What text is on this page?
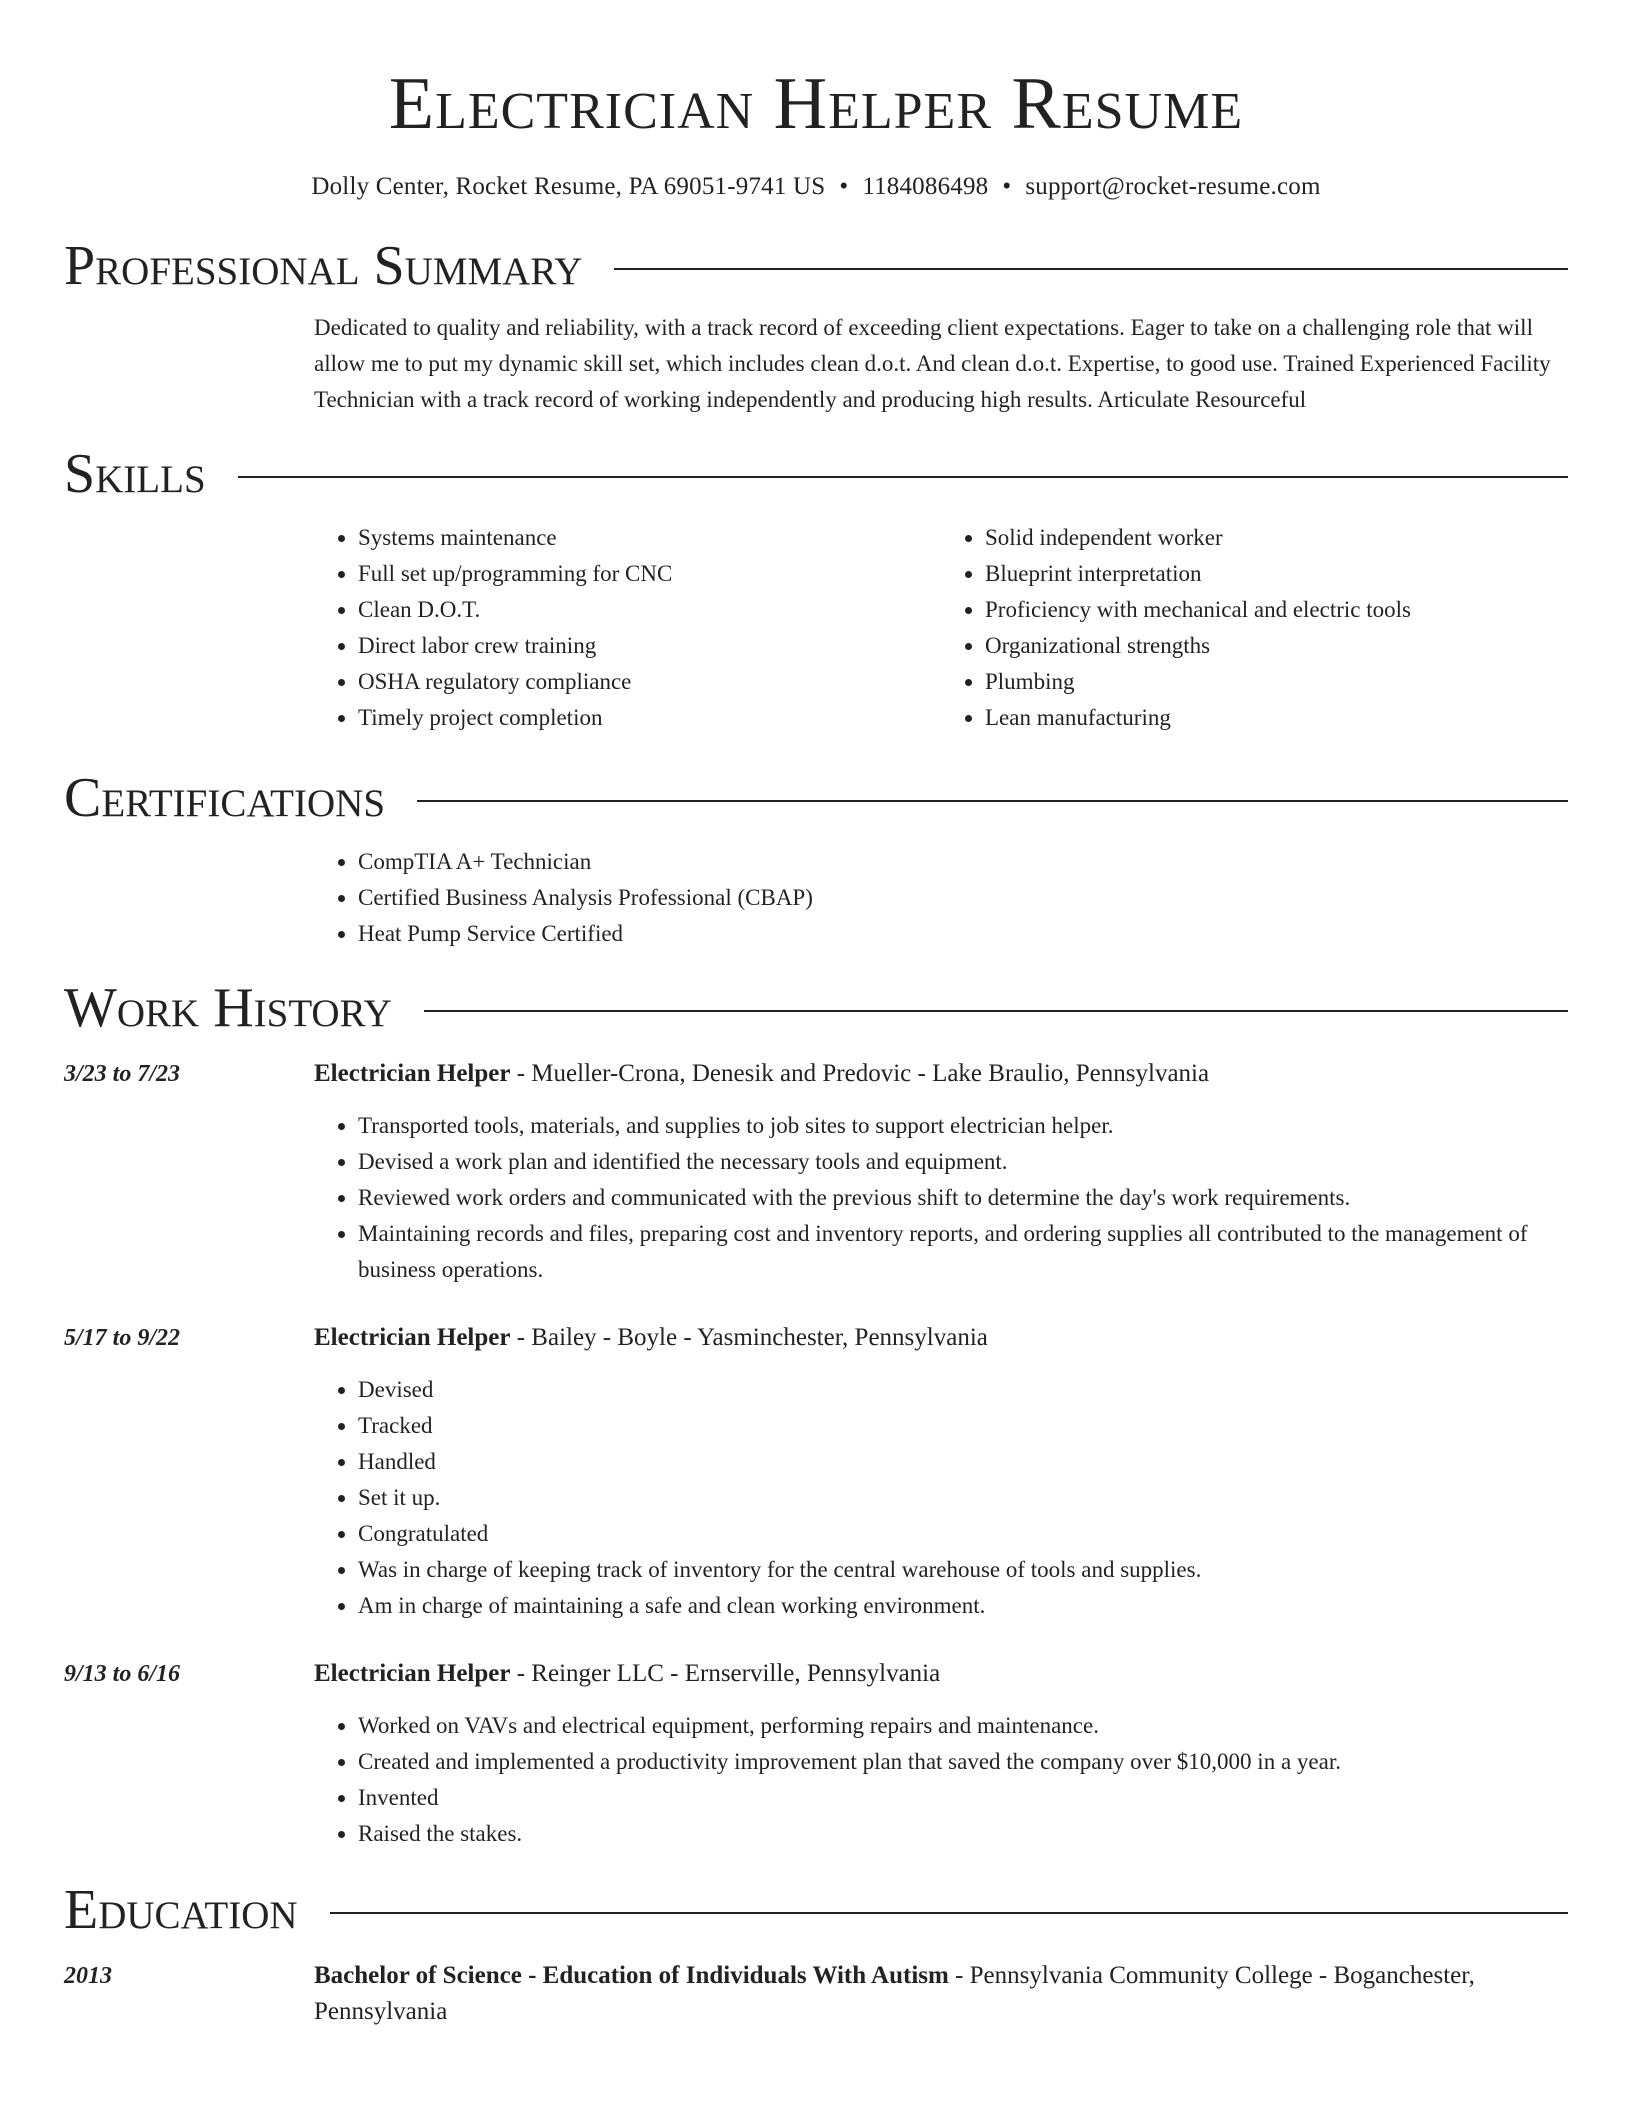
Electrician Helper Resume
Dolly Center, Rocket Resume, PA 69051-9741 US • 1184086498 • support@rocket-resume.com
Professional Summary
Dedicated to quality and reliability, with a track record of exceeding client expectations. Eager to take on a challenging role that will allow me to put my dynamic skill set, which includes clean d.o.t. And clean d.o.t. Expertise, to good use. Trained Experienced Facility Technician with a track record of working independently and producing high results. Articulate Resourceful
Skills
• Systems maintenance
• Full set up/programming for CNC
• Clean D.O.T.
• Direct labor crew training
• OSHA regulatory compliance
• Timely project completion
• Solid independent worker
• Blueprint interpretation
• Proficiency with mechanical and electric tools
• Organizational strengths
• Plumbing
• Lean manufacturing
Certifications
• CompTIA A+ Technician
• Certified Business Analysis Professional (CBAP)
• Heat Pump Service Certified
Work History
3/23 to 7/23	Electrician Helper - Mueller-Crona, Denesik and Predovic - Lake Braulio, Pennsylvania
• Transported tools, materials, and supplies to job sites to support electrician helper.
• Devised a work plan and identified the necessary tools and equipment.
• Reviewed work orders and communicated with the previous shift to determine the day's work requirements.
• Maintaining records and files, preparing cost and inventory reports, and ordering supplies all contributed to the management of business operations.
5/17 to 9/22	Electrician Helper - Bailey - Boyle - Yasminchester, Pennsylvania
• Devised
• Tracked
• Handled
• Set it up.
• Congratulated
• Was in charge of keeping track of inventory for the central warehouse of tools and supplies.
• Am in charge of maintaining a safe and clean working environment.
9/13 to 6/16	Electrician Helper - Reinger LLC - Ernserville, Pennsylvania
• Worked on VAVs and electrical equipment, performing repairs and maintenance.
• Created and implemented a productivity improvement plan that saved the company over $10,000 in a year.
• Invented
• Raised the stakes.
Education
2013	Bachelor of Science - Education of Individuals With Autism - Pennsylvania Community College - Boganchester, Pennsylvania
